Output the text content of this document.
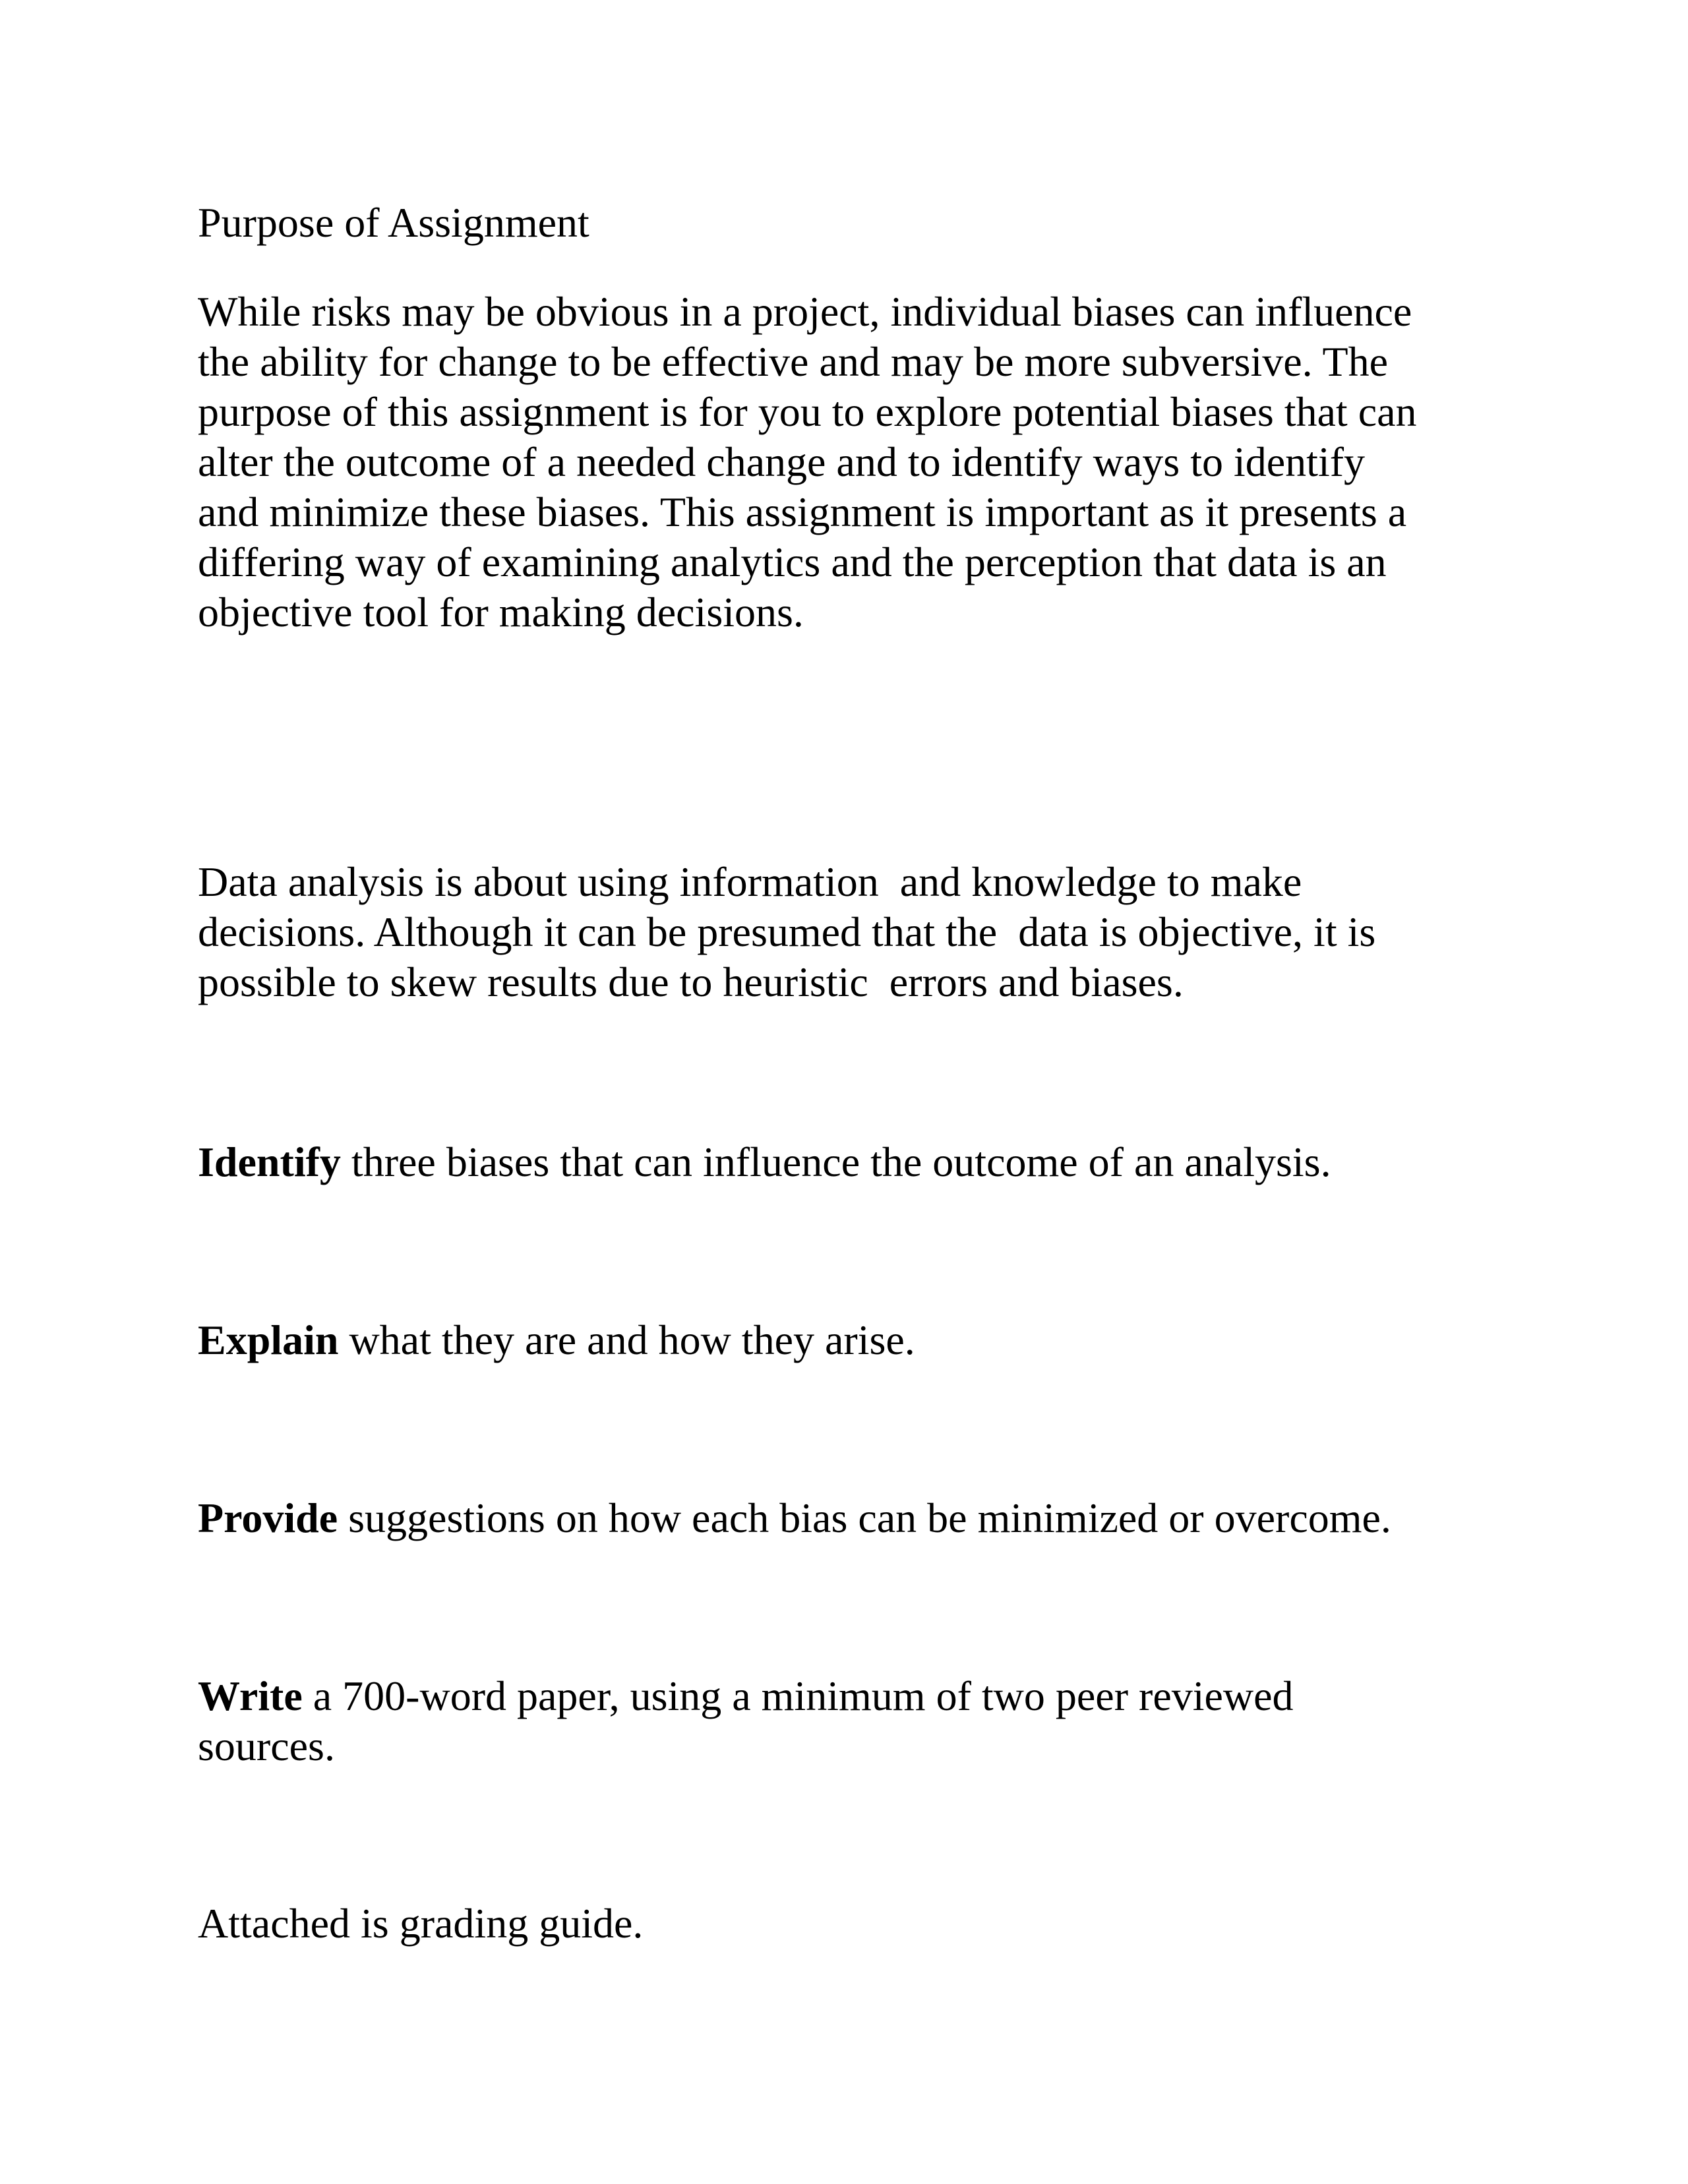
Purpose of Assignment

While risks may be obvious in a project, individual biases can influence
the ability for change to be effective and may be more subversive. The
purpose of this assignment is for you to explore potential biases that can
alter the outcome of a needed change and to identify ways to identify
and minimize these biases. This assignment is important as it presents a
differing way of examining analytics and the perception that data is an
objective tool for making decisions.

Data analysis is about using information  and knowledge to make
decisions. Although it can be presumed that the  data is objective, it is
possible to skew results due to heuristic  errors and biases.

Identify three biases that can influence the outcome of an analysis.

Explain what they are and how they arise.

Provide suggestions on how each bias can be minimized or overcome.

Write a 700-word paper, using a minimum of two peer reviewed sources.

Attached is grading guide.
